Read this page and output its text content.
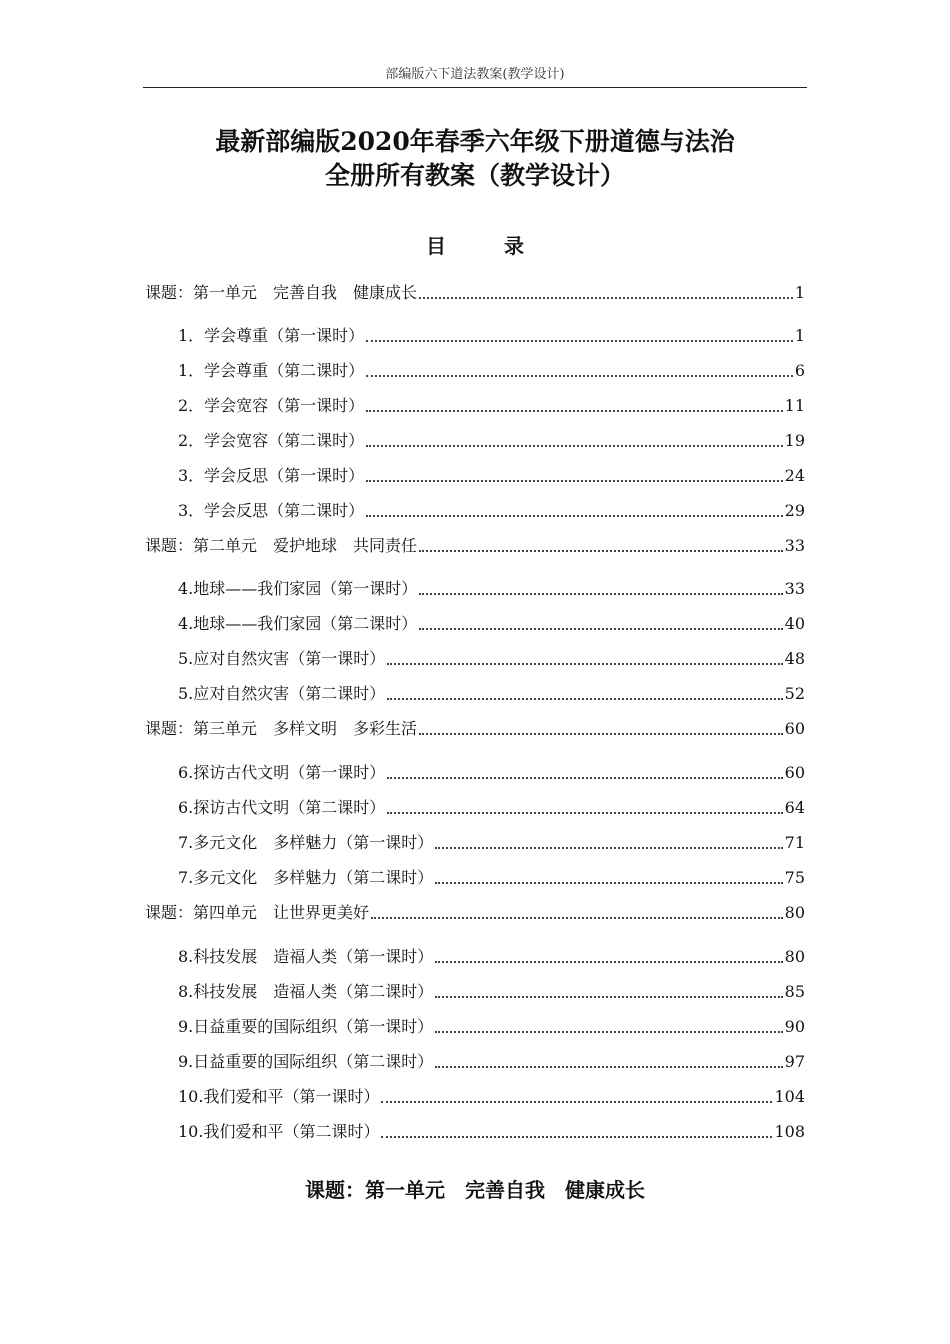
部编版六下道法教案(教学设计)
最新部编版2020年春季六年级下册道德与法治
全册所有教案（教学设计）
目录
课题：第一单元　完善自我　健康成长	1
1．学会尊重（第一课时）	1
1．学会尊重（第二课时）	6
2．学会宽容（第一课时）	11
2．学会宽容（第二课时）	19
3．学会反思（第一课时）	24
3．学会反思（第二课时）	29
课题：第二单元　爱护地球　共同责任	33
4.地球——我们家园（第一课时）	33
4.地球——我们家园（第二课时）	40
5.应对自然灾害（第一课时）	48
5.应对自然灾害（第二课时）	52
课题：第三单元　多样文明　多彩生活	60
6.探访古代文明（第一课时）	60
6.探访古代文明（第二课时）	64
7.多元文化　多样魅力（第一课时）	71
7.多元文化　多样魅力（第二课时）	75
课题：第四单元　让世界更美好	80
8.科技发展　造福人类（第一课时）	80
8.科技发展　造福人类（第二课时）	85
9.日益重要的国际组织（第一课时）	90
9.日益重要的国际组织（第二课时）	97
10.我们爱和平（第一课时）	104
10.我们爱和平（第二课时）	108
课题：第一单元　完善自我　健康成长
